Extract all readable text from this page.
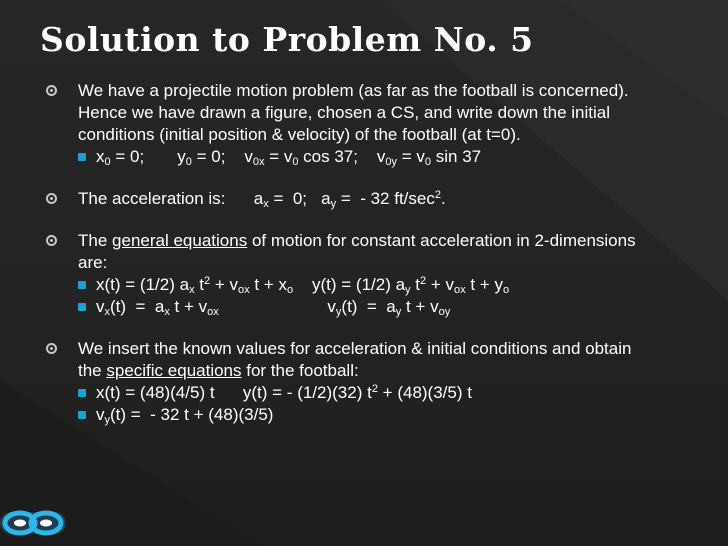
Solution to Problem No. 5
We have a projectile motion problem (as far as the football is concerned).
Hence we have drawn a figure, chosen a CS, and write down the initial
conditions (initial position & velocity) of the football (at t=0).
$x_0 = 0$;       $y_0 = 0$;    $v_{0x} = v_0$ cos 37;    $v_{0y} = v_0$ sin 37
The acceleration is: $a_x = 0$;   $a_y$ =  - 32 $ft/\sec^2$.
The general equations of motion for constant acceleration in 2-dimensions
are:
x(t) = (1/2) $a_x$ $t^2 + v_{ox}$ $t + x_o$    y(t) = (1/2) $a_y$ $t^2 + v_{ox}$ $t + y_o$
$v_x(t) = a_x$ $t + v_{ox}$                       $v_y(t) = a_y$ $t + v_{oy}$
We insert the known values for acceleration & initial conditions and obtain
the specific equations for the football:
x(t) = (48)(4/5) t      y(t) = - (1/2)(32) $t^2 + (48)(3/5)$ t
$v_y(t)$ =  - 32 t + (48)(3/5)
